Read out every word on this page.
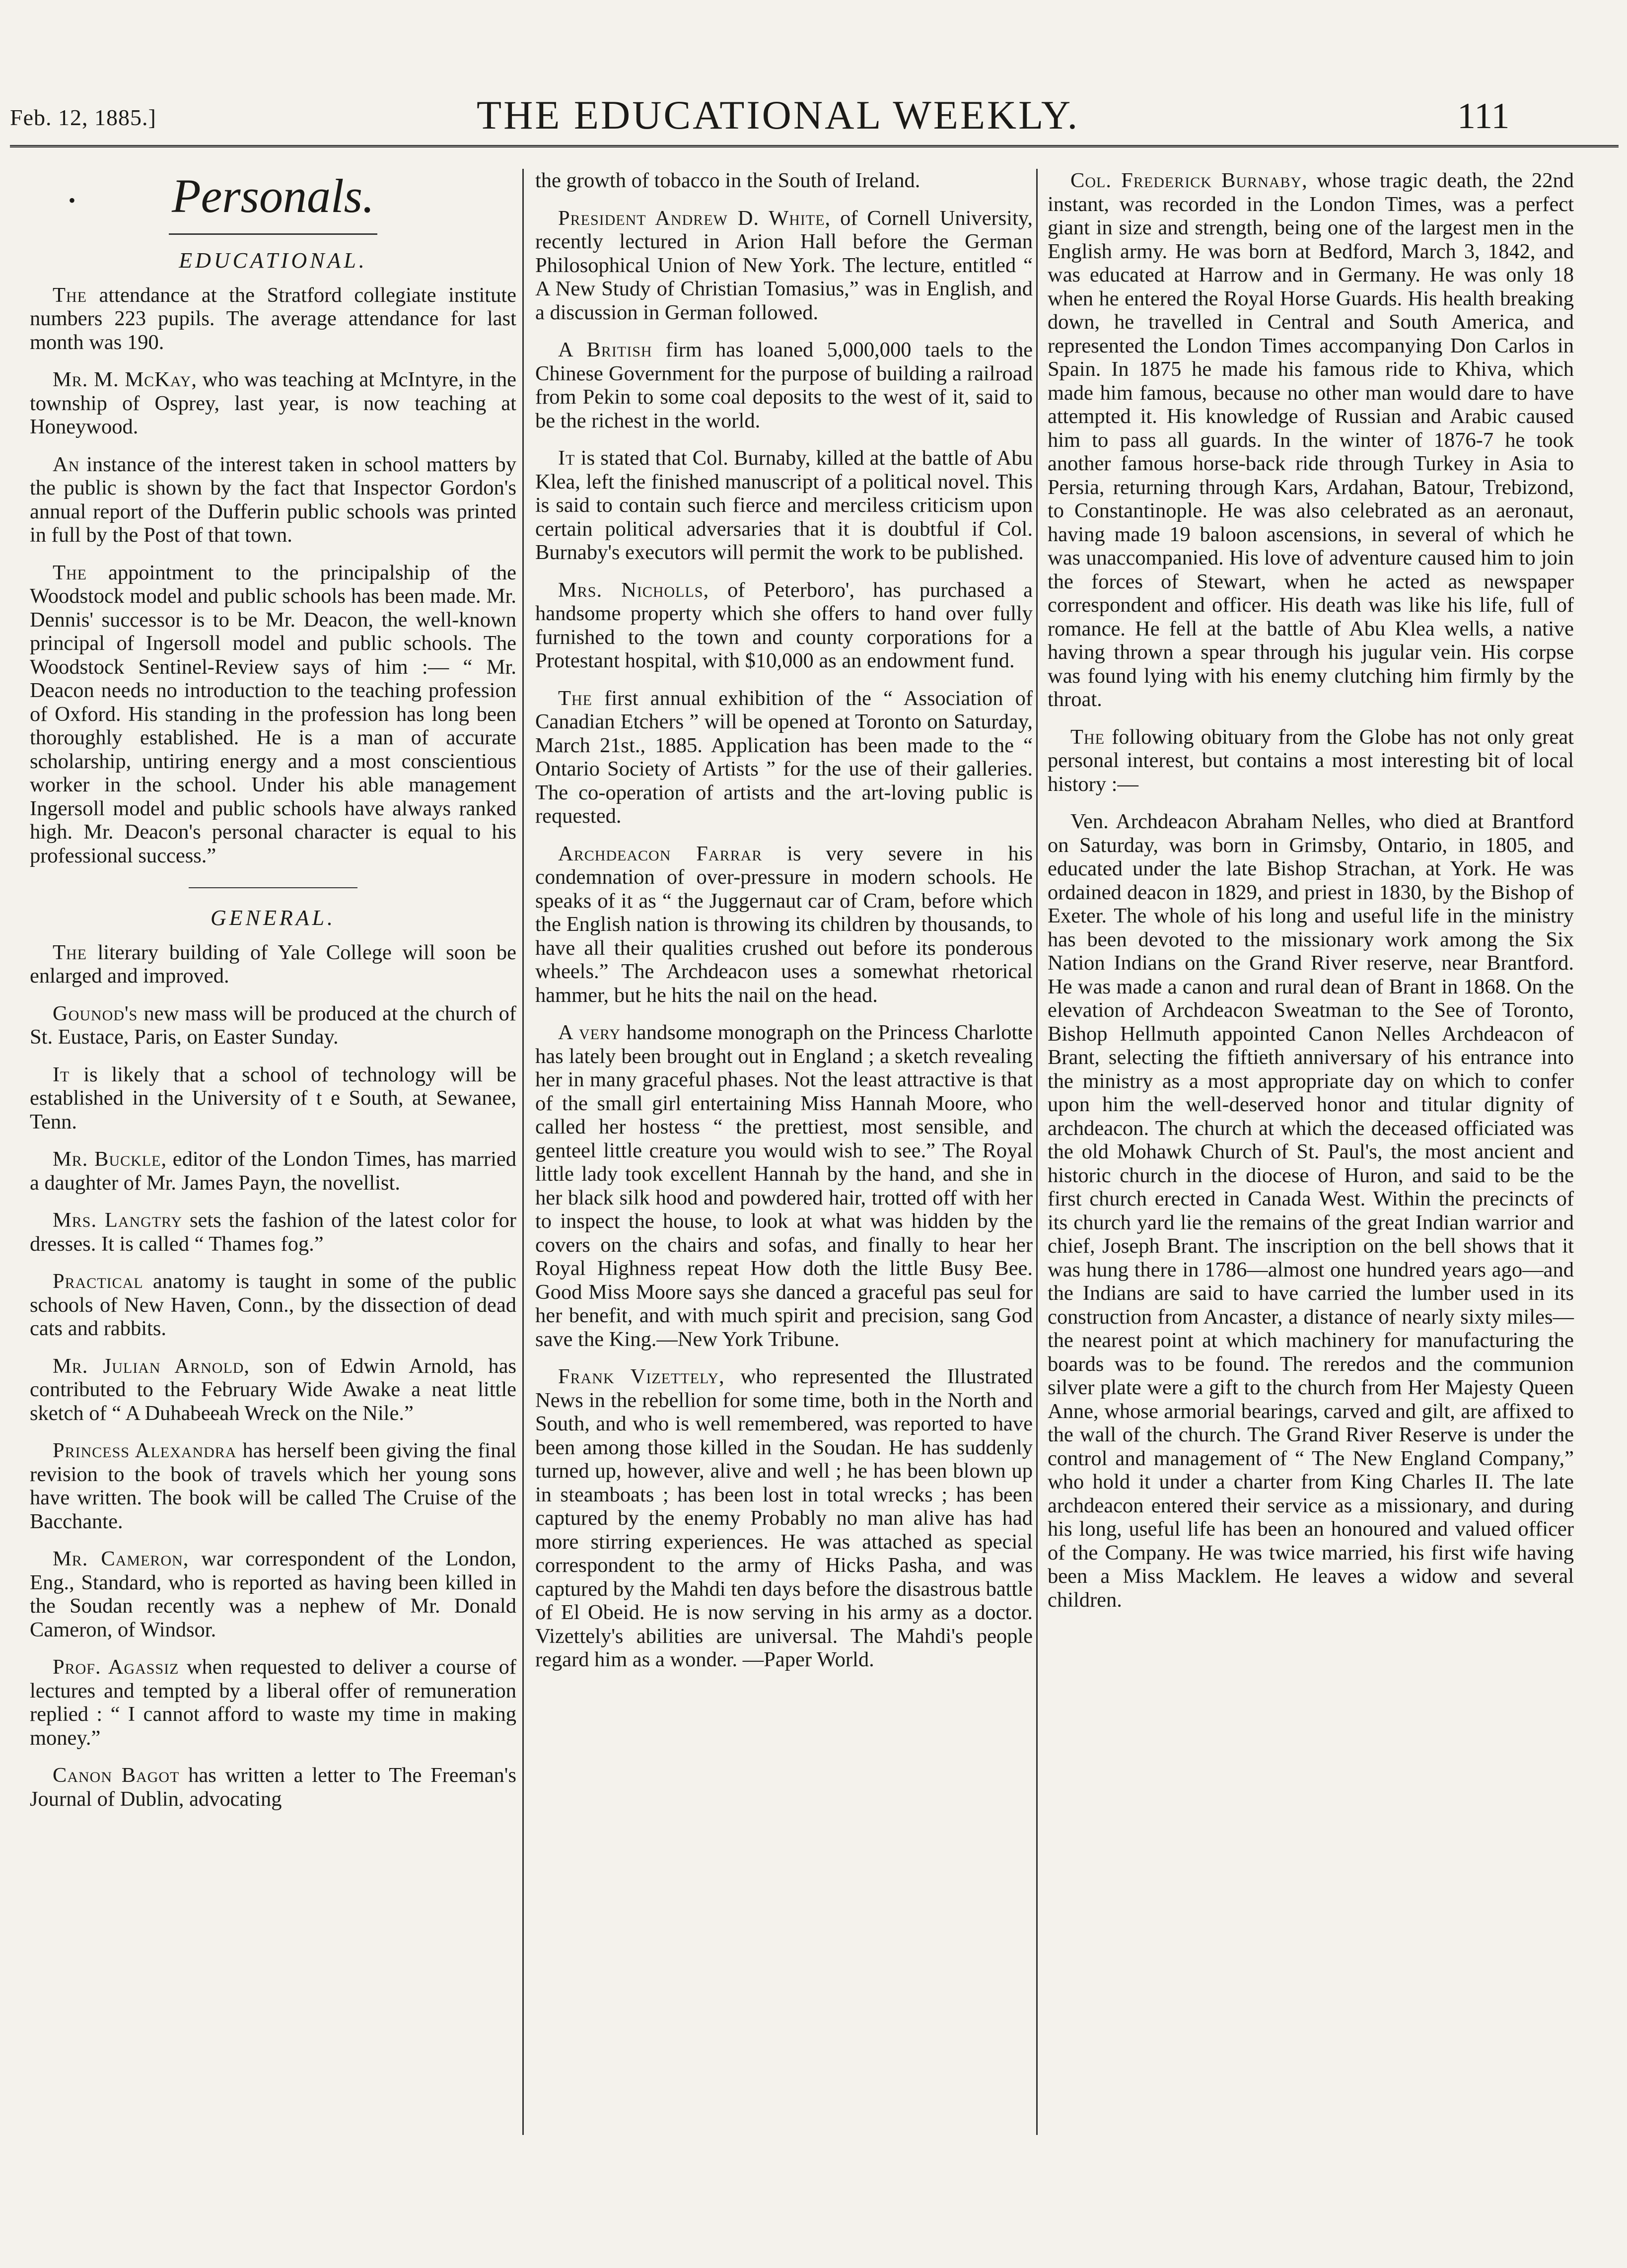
Feb. 12, 1885.]	THE EDUCATIONAL WEEKLY.	111
•	Personals.
EDUCATIONAL.

The attendance at the Stratford collegiate institute numbers 223 pupils. The average attendance for last month was 190.

Mr. M. McKay, who was teaching at McIntyre, in the township of Osprey, last year, is now teaching at Honeywood.

An instance of the interest taken in school matters by the public is shown by the fact that Inspector Gordon's annual report of the Dufferin public schools was printed in full by the Post of that town.

The appointment to the principalship of the Woodstock model and public schools has been made. Mr. Dennis' successor is to be Mr. Deacon, the well-known principal of Ingersoll model and public schools. The Woodstock Sentinel-Review says of him :— “ Mr. Deacon needs no introduction to the teaching profession of Oxford. His standing in the profession has long been thoroughly established. He is a man of accurate scholarship, untiring energy and a most conscientious worker in the school. Under his able management Ingersoll model and public schools have always ranked high. Mr. Deacon's personal character is equal to his professional success.”

GENERAL.

The literary building of Yale College will soon be enlarged and improved.

Gounod's new mass will be produced at the church of St. Eustace, Paris, on Easter Sunday.

It is likely that a school of technology will be established in the University of t e South, at Sewanee, Tenn.

Mr. Buckle, editor of the London Times, has married a daughter of Mr. James Payn, the novellist.

Mrs. Langtry sets the fashion of the latest color for dresses. It is called “ Thames fog.”

Practical anatomy is taught in some of the public schools of New Haven, Conn., by the dissection of dead cats and rabbits.

Mr. Julian Arnold, son of Edwin Arnold, has contributed to the February Wide Awake a neat little sketch of “ A Duhabeeah Wreck on the Nile.”

Princess Alexandra has herself been giving the final revision to the book of travels which her young sons have written. The book will be called The Cruise of the Bacchante.

Mr. Cameron, war correspondent of the London, Eng., Standard, who is reported as having been killed in the Soudan recently was a nephew of Mr. Donald Cameron, of Windsor.

Prof. Agassiz when requested to deliver a course of lectures and tempted by a liberal offer of remuneration replied : “ I cannot afford to waste my time in making money.”

Canon Bagot has written a letter to The Freeman's Journal of Dublin, advocating

the growth of tobacco in the South of Ireland.

President Andrew D. White, of Cornell University, recently lectured in Arion Hall before the German Philosophical Union of New York. The lecture, entitled “ A New Study of Christian Tomasius,” was in English, and a discussion in German followed.

A British firm has loaned 5,000,000 taels to the Chinese Government for the purpose of building a railroad from Pekin to some coal deposits to the west of it, said to be the richest in the world.

It is stated that Col. Burnaby, killed at the battle of Abu Klea, left the finished manuscript of a political novel. This is said to contain such fierce and merciless criticism upon certain political adversaries that it is doubtful if Col. Burnaby's executors will permit the work to be published.

Mrs. Nicholls, of Peterboro', has purchased a handsome property which she offers to hand over fully furnished to the town and county corporations for a Protestant hospital, with $10,000 as an endowment fund.

The first annual exhibition of the “ Association of Canadian Etchers ” will be opened at Toronto on Saturday, March 21st., 1885. Application has been made to the “ Ontario Society of Artists ” for the use of their galleries. The co-operation of artists and the art-loving public is requested.

Archdeacon Farrar is very severe in his condemnation of over-pressure in modern schools. He speaks of it as “ the Juggernaut car of Cram, before which the English nation is throwing its children by thousands, to have all their qualities crushed out before its ponderous wheels.” The Archdeacon uses a somewhat rhetorical hammer, but he hits the nail on the head.

A very handsome monograph on the Princess Charlotte has lately been brought out in England ; a sketch revealing her in many graceful phases. Not the least attractive is that of the small girl entertaining Miss Hannah Moore, who called her hostess “ the prettiest, most sensible, and genteel little creature you would wish to see.” The Royal little lady took excellent Hannah by the hand, and she in her black silk hood and powdered hair, trotted off with her to inspect the house, to look at what was hidden by the covers on the chairs and sofas, and finally to hear her Royal Highness repeat How doth the little Busy Bee. Good Miss Moore says she danced a graceful pas seul for her benefit, and with much spirit and precision, sang God save the King.—New York Tribune.

Frank Vizettely, who represented the Illustrated News in the rebellion for some time, both in the North and South, and who is well remembered, was reported to have been among those killed in the Soudan. He has suddenly turned up, however, alive and well ; he has been blown up in steamboats ; has been lost in total wrecks ; has been captured by the enemy Probably no man alive has had more stirring experiences. He was attached as special correspondent to the army of Hicks Pasha, and was captured by the Mahdi ten days before the disastrous battle of El Obeid. He is now serving in his army as a doctor. Vizettely's abilities are universal. The Mahdi's people regard him as a wonder. —Paper World.

Col. Frederick Burnaby, whose tragic death, the 22nd instant, was recorded in the London Times, was a perfect giant in size and strength, being one of the largest men in the English army. He was born at Bedford, March 3, 1842, and was educated at Harrow and in Germany. He was only 18 when he entered the Royal Horse Guards. His health breaking down, he travelled in Central and South America, and represented the London Times accompanying Don Carlos in Spain. In 1875 he made his famous ride to Khiva, which made him famous, because no other man would dare to have attempted it. His knowledge of Russian and Arabic caused him to pass all guards. In the winter of 1876-7 he took another famous horse-back ride through Turkey in Asia to Persia, returning through Kars, Ardahan, Batour, Trebizond, to Constantinople. He was also celebrated as an aeronaut, having made 19 baloon ascensions, in several of which he was unaccompanied. His love of adventure caused him to join the forces of Stewart, when he acted as newspaper correspondent and officer. His death was like his life, full of romance. He fell at the battle of Abu Klea wells, a native having thrown a spear through his jugular vein. His corpse was found lying with his enemy clutching him firmly by the throat.

The following obituary from the Globe has not only great personal interest, but contains a most interesting bit of local history :—

Ven. Archdeacon Abraham Nelles, who died at Brantford on Saturday, was born in Grimsby, Ontario, in 1805, and educated under the late Bishop Strachan, at York. He was ordained deacon in 1829, and priest in 1830, by the Bishop of Exeter. The whole of his long and useful life in the ministry has been devoted to the missionary work among the Six Nation Indians on the Grand River reserve, near Brantford. He was made a canon and rural dean of Brant in 1868. On the elevation of Archdeacon Sweatman to the See of Toronto, Bishop Hellmuth appointed Canon Nelles Archdeacon of Brant, selecting the fiftieth anniversary of his entrance into the ministry as a most appropriate day on which to confer upon him the well-deserved honor and titular dignity of archdeacon. The church at which the deceased officiated was the old Mohawk Church of St. Paul's, the most ancient and historic church in the diocese of Huron, and said to be the first church erected in Canada West. Within the precincts of its church yard lie the remains of the great Indian warrior and chief, Joseph Brant. The inscription on the bell shows that it was hung there in 1786—almost one hundred years ago—and the Indians are said to have carried the lumber used in its construction from Ancaster, a distance of nearly sixty miles—the nearest point at which machinery for manufacturing the boards was to be found. The reredos and the communion silver plate were a gift to the church from Her Majesty Queen Anne, whose armorial bearings, carved and gilt, are affixed to the wall of the church. The Grand River Reserve is under the control and management of “ The New England Company,” who hold it under a charter from King Charles II. The late archdeacon entered their service as a missionary, and during his long, useful life has been an honoured and valued officer of the Company. He was twice married, his first wife having been a Miss Macklem. He leaves a widow and several children.
